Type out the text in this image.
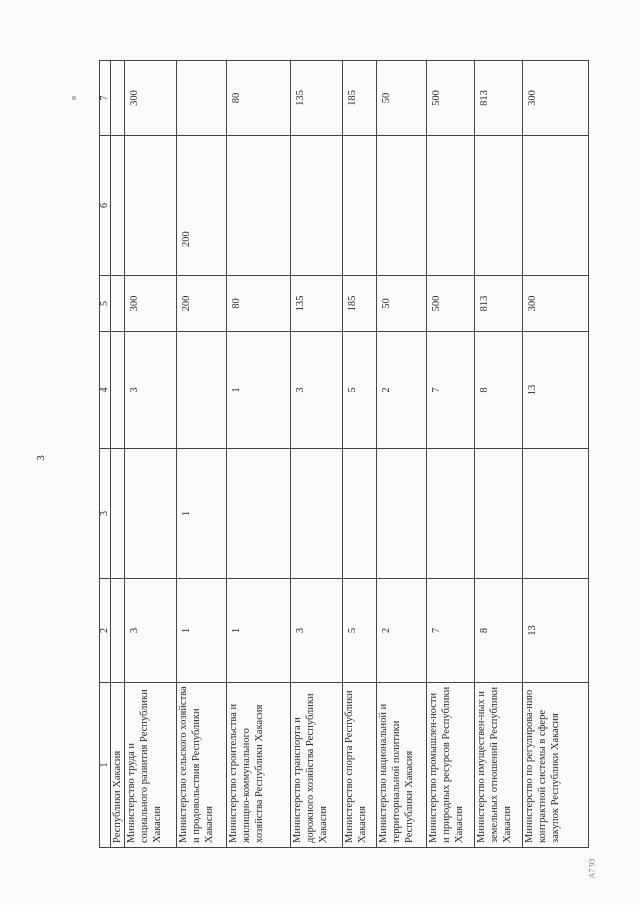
3
A7 93
1	2	3	4	5	6	7
Республики Хакасия						
Министерство труда и социального развития Республики Хакасия	3		3	300		300
Министерство сельского хозяйства и продовольствия Республики Хакасия	1	1		200	200	
Министерство строительства и жилищно-коммунального хозяйства Республики Хакасия	1		1	80		80
Министерство транспорта и дорожного хозяйства Республики Хакасия	3		3	135		135
Министерство спорта Республики Хакасия	5		5	185		185
Министерство национальной и территориальной политики Республики Хакасия	2		2	50		50
Министерство промышлен-ности и природных ресурсов Республики Хакасия	7		7	500		500
Министерство имуществен-ных и земельных отношений Республики Хакасия	8		8	813		813
Министерство по регулирова-нию контрактной системы в сфере закупок Республики Хакасия	13		13	300		300
